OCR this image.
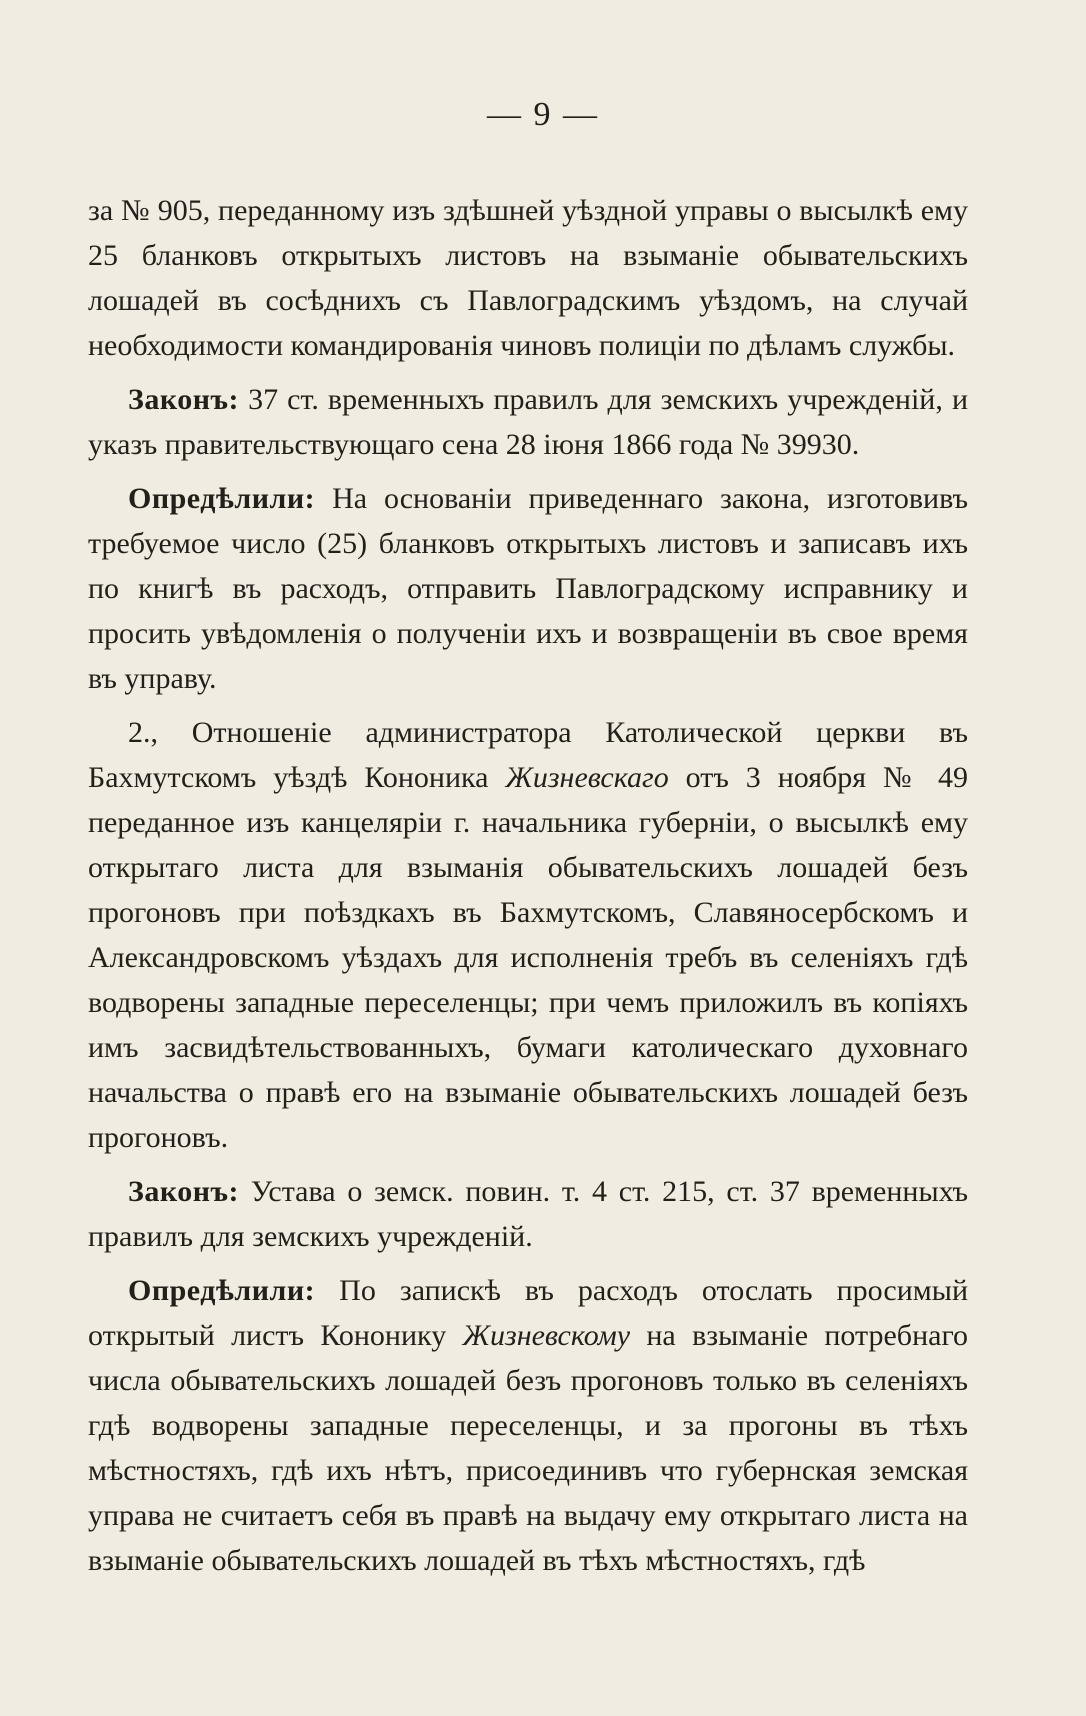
— 9 —

за № 905, переданному изъ здѣшней уѣздной управы о высылкѣ ему 25 бланковъ открытыхъ листовъ на взыманіе обывательскихъ лошадей въ сосѣднихъ съ Павлоградскимъ уѣздомъ, на случай необходимости командированія чиновъ полиціи по дѣламъ службы.

Законъ: 37 ст. временныхъ правилъ для земскихъ учрежденій, и указъ правительствующаго сена 28 іюня 1866 года № 39930.

Опредѣлили: На основаніи приведеннаго закона, изготовивъ требуемое число (25) бланковъ открытыхъ листовъ и записавъ ихъ по книгѣ въ расходъ, отправить Павлоградскому исправнику и просить увѣдомленія о полученіи ихъ и возвращеніи въ свое время въ управу.

2., Отношеніе администратора Католической церкви въ Бахмутскомъ уѣздѣ Кононика Жизневскаго отъ 3 ноября № 49 переданное изъ канцеляріи г. начальника губерніи, о высылкѣ ему открытаго листа для взыманія обывательскихъ лошадей безъ прогоновъ при поѣздкахъ въ Бахмутскомъ, Славяносербскомъ и Александровскомъ уѣздахъ для исполненія требъ въ селеніяхъ гдѣ водворены западные переселенцы; при чемъ приложилъ въ копіяхъ имъ засвидѣтельствованныхъ, бумаги католическаго духовнаго начальства о правѣ его на взыманіе обывательскихъ лошадей безъ прогоновъ.

Законъ: Устава о земск. повин. т. 4 ст. 215, ст. 37 временныхъ правилъ для земскихъ учрежденій.

Опредѣлили: По запискѣ въ расходъ отослать просимый открытый листъ Кононику Жизневскому на взыманіе потребнаго числа обывательскихъ лошадей безъ прогоновъ только въ селеніяхъ гдѣ водворены западные переселенцы, и за прогоны въ тѣхъ мѣстностяхъ, гдѣ ихъ нѣтъ, присоединивъ что губернская земская управа не считаетъ себя въ правѣ на выдачу ему открытаго листа на взыманіе обывательскихъ лошадей въ тѣхъ мѣстностяхъ, гдѣ
